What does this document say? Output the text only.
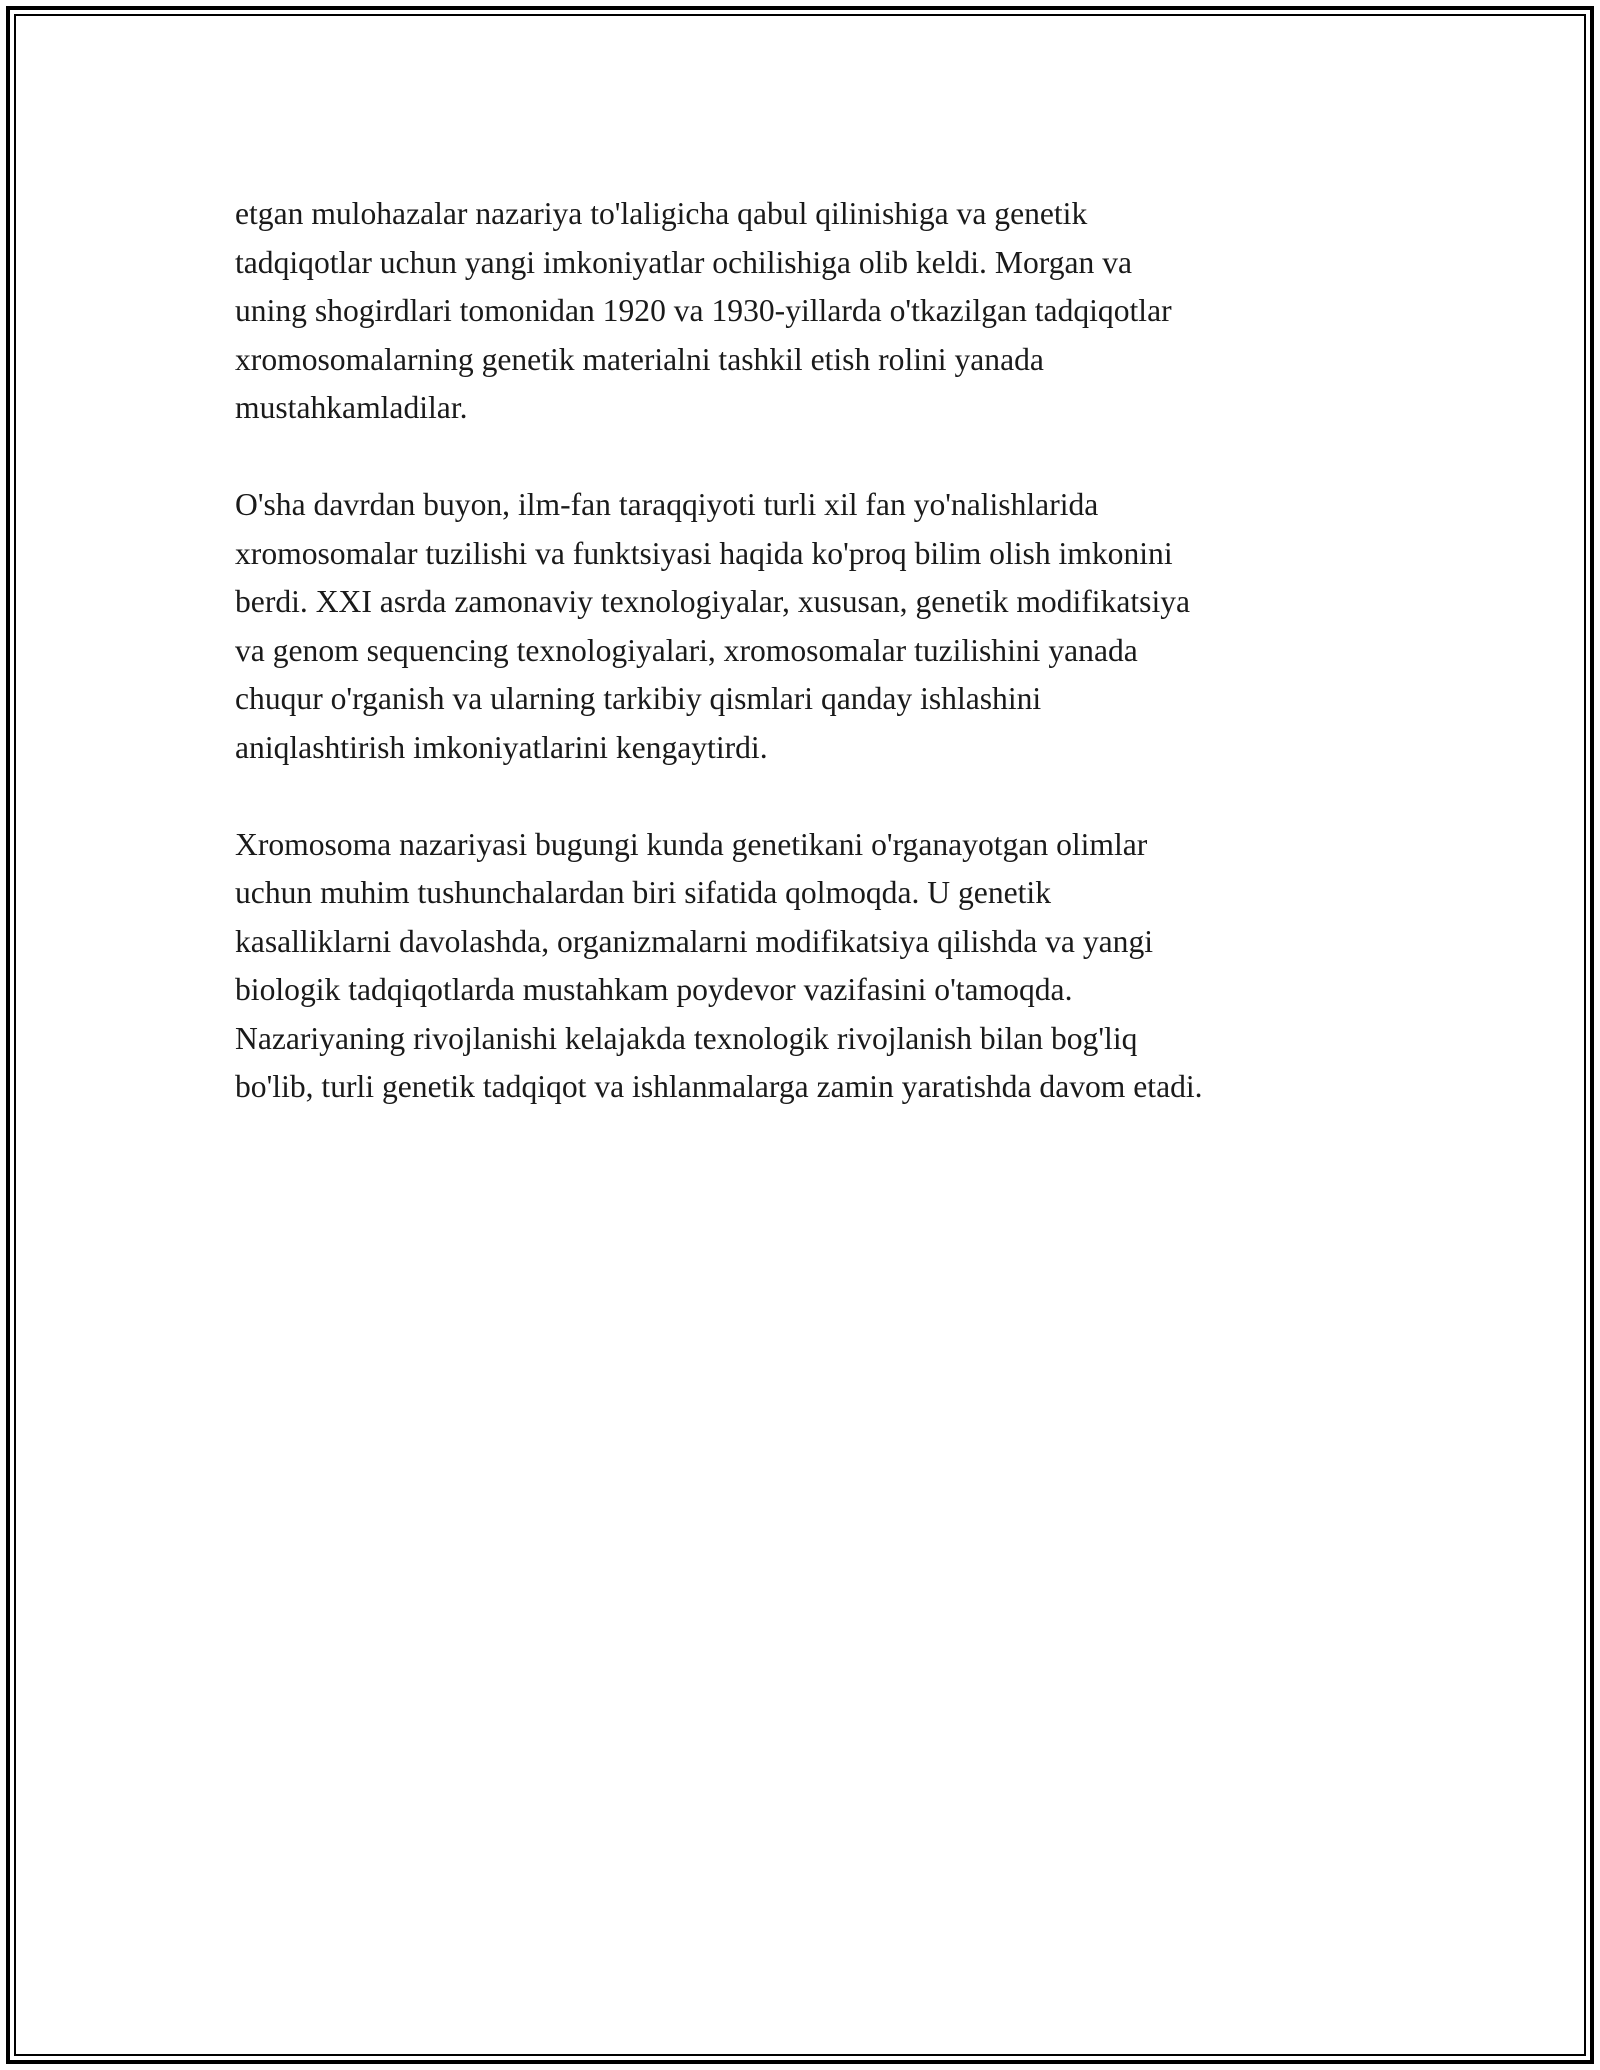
etgan mulohazalar nazariya to'laligicha qabul qilinishiga va genetik
tadqiqotlar uchun yangi imkoniyatlar ochilishiga olib keldi. Morgan va
uning shogirdlari tomonidan 1920 va 1930-yillarda o'tkazilgan tadqiqotlar
xromosomalarning genetik materialni tashkil etish rolini yanada
mustahkamladilar.

O'sha davrdan buyon, ilm-fan taraqqiyoti turli xil fan yo'nalishlarida
xromosomalar tuzilishi va funktsiyasi haqida ko'proq bilim olish imkonini
berdi. XXI asrda zamonaviy texnologiyalar, xususan, genetik modifikatsiya
va genom sequencing texnologiyalari, xromosomalar tuzilishini yanada
chuqur o'rganish va ularning tarkibiy qismlari qanday ishlashini
aniqlashtirish imkoniyatlarini kengaytirdi.

Xromosoma nazariyasi bugungi kunda genetikani o'rganayotgan olimlar
uchun muhim tushunchalardan biri sifatida qolmoqda. U genetik
kasalliklarni davolashda, organizmalarni modifikatsiya qilishda va yangi
biologik tadqiqotlarda mustahkam poydevor vazifasini o'tamoqda.
Nazariyaning rivojlanishi kelajakda texnologik rivojlanish bilan bog'liq
bo'lib, turli genetik tadqiqot va ishlanmalarga zamin yaratishda davom etadi.
